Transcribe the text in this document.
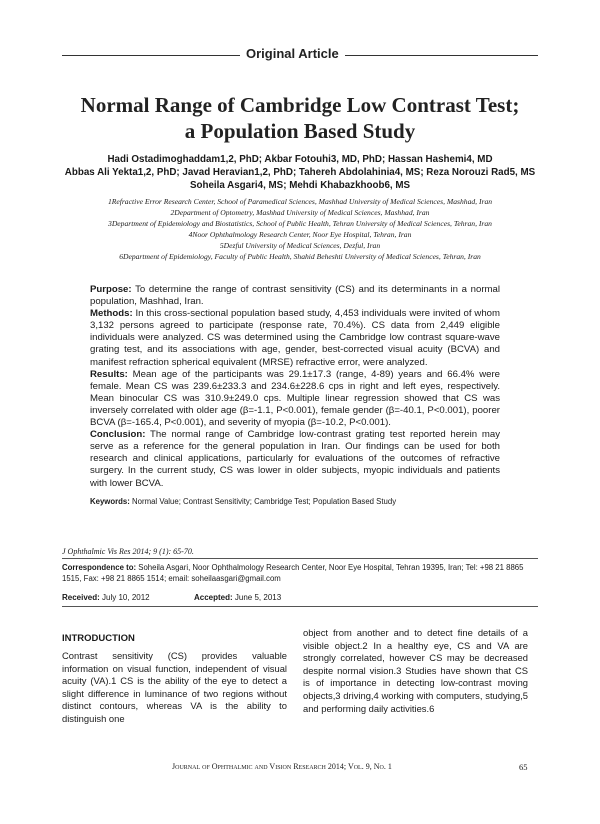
Original Article
Normal Range of Cambridge Low Contrast Test;
a Population Based Study
Hadi Ostadimoghaddam1,2, PhD; Akbar Fotouhi3, MD, PhD; Hassan Hashemi4, MD
Abbas Ali Yekta1,2, PhD; Javad Heravian1,2, PhD; Tahereh Abdolahinia4, MS; Reza Norouzi Rad5, MS
Soheila Asgari4, MS; Mehdi Khabazkhoob6, MS
1Refractive Error Research Center, School of Paramedical Sciences, Mashhad University of Medical Sciences, Mashhad, Iran
2Department of Optometry, Mashhad University of Medical Sciences, Mashhad, Iran
3Department of Epidemiology and Biostatistics, School of Public Health, Tehran University of Medical Sciences, Tehran, Iran
4Noor Ophthalmology Research Center, Noor Eye Hospital, Tehran, Iran
5Dezful University of Medical Sciences, Dezful, Iran
6Department of Epidemiology, Faculty of Public Health, Shahid Beheshti University of Medical Sciences, Tehran, Iran

Purpose: To determine the range of contrast sensitivity (CS) and its determinants in a normal population, Mashhad, Iran.

Methods: In this cross-sectional population based study, 4,453 individuals were invited of whom 3,132 persons agreed to participate (response rate, 70.4%). CS data from 2,449 eligible individuals were analyzed. CS was determined using the Cambridge low contrast square-wave grating test, and its associations with age, gender, best-corrected visual acuity (BCVA) and manifest refraction spherical equivalent (MRSE) refractive error, were analyzed.

Results: Mean age of the participants was 29.1±17.3 (range, 4-89) years and 66.4% were female. Mean CS was 239.6±233.3 and 234.6±228.6 cps in right and left eyes, respectively. Mean binocular CS was 310.9±249.0 cps. Multiple linear regression showed that CS was inversely correlated with older age (β=-1.1, P<0.001), female gender (β=-40.1, P<0.001), poorer BCVA (β=-165.4, P<0.001), and severity of myopia (β=-10.2, P<0.001).

Conclusion: The normal range of Cambridge low-contrast grating test reported herein may serve as a reference for the general population in Iran. Our findings can be used for both research and clinical applications, particularly for evaluations of the outcomes of refractive surgery. In the current study, CS was lower in older subjects, myopic individuals and patients with lower BCVA.

Keywords: Normal Value; Contrast Sensitivity; Cambridge Test; Population Based Study

J Ophthalmic Vis Res 2014; 9 (1): 65-70.
Correspondence to: Soheila Asgari, Noor Ophthalmology Research Center, Noor Eye Hospital, Tehran 19395, Iran; Tel: +98 21 8865 1515, Fax: +98 21 8865 1514; email: soheilaasgari@gmail.com
Received: July 10, 2012	Accepted: June 5, 2013
INTRODUCTION
Contrast sensitivity (CS) provides valuable information on visual function, independent of visual acuity (VA).1 CS is the ability of the eye to detect a slight difference in luminance of two regions without distinct contours, whereas VA is the ability to distinguish one
object from another and to detect fine details of a visible object.2 In a healthy eye, CS and VA are strongly correlated, however CS may be decreased despite normal vision.3 Studies have shown that CS is of importance in detecting low-contrast moving objects,3 driving,4 working with computers, studying,5 and performing daily activities.6
Journal of Ophthalmic and Vision Research 2014; Vol. 9, No. 1	65
